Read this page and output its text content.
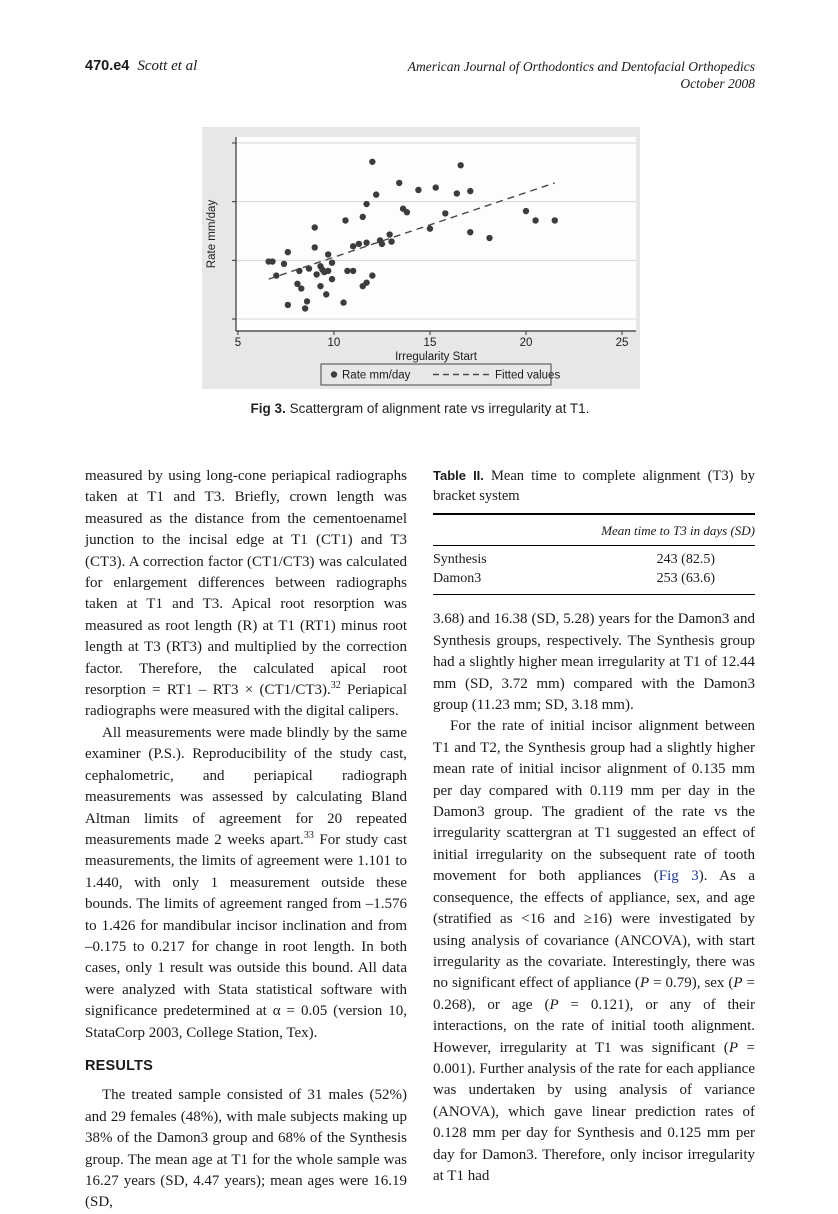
470.e4 Scott et al	American Journal of Orthodontics and Dentofacial Orthopedics
October 2008
5	10	15	20	25
Irregularity Start
Rate mm/day
Rate mm/day	Fitted values
Fig 3. Scattergram of alignment rate vs irregularity at T1.

measured by using long-cone periapical radiographs taken at T1 and T3. Briefly, crown length was measured as the distance from the cementoenamel junction to the incisal edge at T1 (CT1) and T3 (CT3). A correction factor (CT1/CT3) was calculated for enlargement differences between radiographs taken at T1 and T3. Apical root resorption was measured as root length (R) at T1 (RT1) minus root length at T3 (RT3) and multiplied by the correction factor. Therefore, the calculated apical root resorption = RT1 – RT3 × (CT1/CT3).$^{32}$ Periapical radiographs were measured with the digital calipers.

All measurements were made blindly by the same examiner (P.S.). Reproducibility of the study cast, cephalometric, and periapical radiograph measurements was assessed by calculating Bland Altman limits of agreement for 20 repeated measurements made 2 weeks apart.$^{33}$ For study cast measurements, the limits of agreement were 1.101 to 1.440, with only 1 measurement outside these bounds. The limits of agreement ranged from –1.576 to 1.426 for mandibular incisor inclination and from –0.175 to 0.217 for change in root length. In both cases, only 1 result was outside this bound. All data were analyzed with Stata statistical software with significance predetermined at α = 0.05 (version 10, StataCorp 2003, College Station, Tex).

RESULTS

The treated sample consisted of 31 males (52%) and 29 females (48%), with male subjects making up 38% of the Damon3 group and 68% of the Synthesis group. The mean age at T1 for the whole sample was 16.27 years (SD, 4.47 years); mean ages were 16.19 (SD,

Table II. Mean time to complete alignment (T3) by bracket system

Mean time to T3 in days (SD)
Synthesis	243 (82.5)
Damon3	253 (63.6)

3.68) and 16.38 (SD, 5.28) years for the Damon3 and Synthesis groups, respectively. The Synthesis group had a slightly higher mean irregularity at T1 of 12.44 mm (SD, 3.72 mm) compared with the Damon3 group (11.23 mm; SD, 3.18 mm).

For the rate of initial incisor alignment between T1 and T2, the Synthesis group had a slightly higher mean rate of initial incisor alignment of 0.135 mm per day compared with 0.119 mm per day in the Damon3 group. The gradient of the rate vs the irregularity scattergran at T1 suggested an effect of initial irregularity on the subsequent rate of tooth movement for both appliances (Fig 3). As a consequence, the effects of appliance, sex, and age (stratified as <16 and ≥16) were investigated by using analysis of covariance (ANCOVA), with start irregularity as the covariate. Interestingly, there was no significant effect of appliance (P = 0.79), sex (P = 0.268), or age (P = 0.121), or any of their interactions, on the rate of initial tooth alignment. However, irregularity at T1 was significant (P = 0.001). Further analysis of the rate for each appliance was undertaken by using analysis of variance (ANOVA), which gave linear prediction rates of 0.128 mm per day for Synthesis and 0.125 mm per day for Damon3. Therefore, only incisor irregularity at T1 had
